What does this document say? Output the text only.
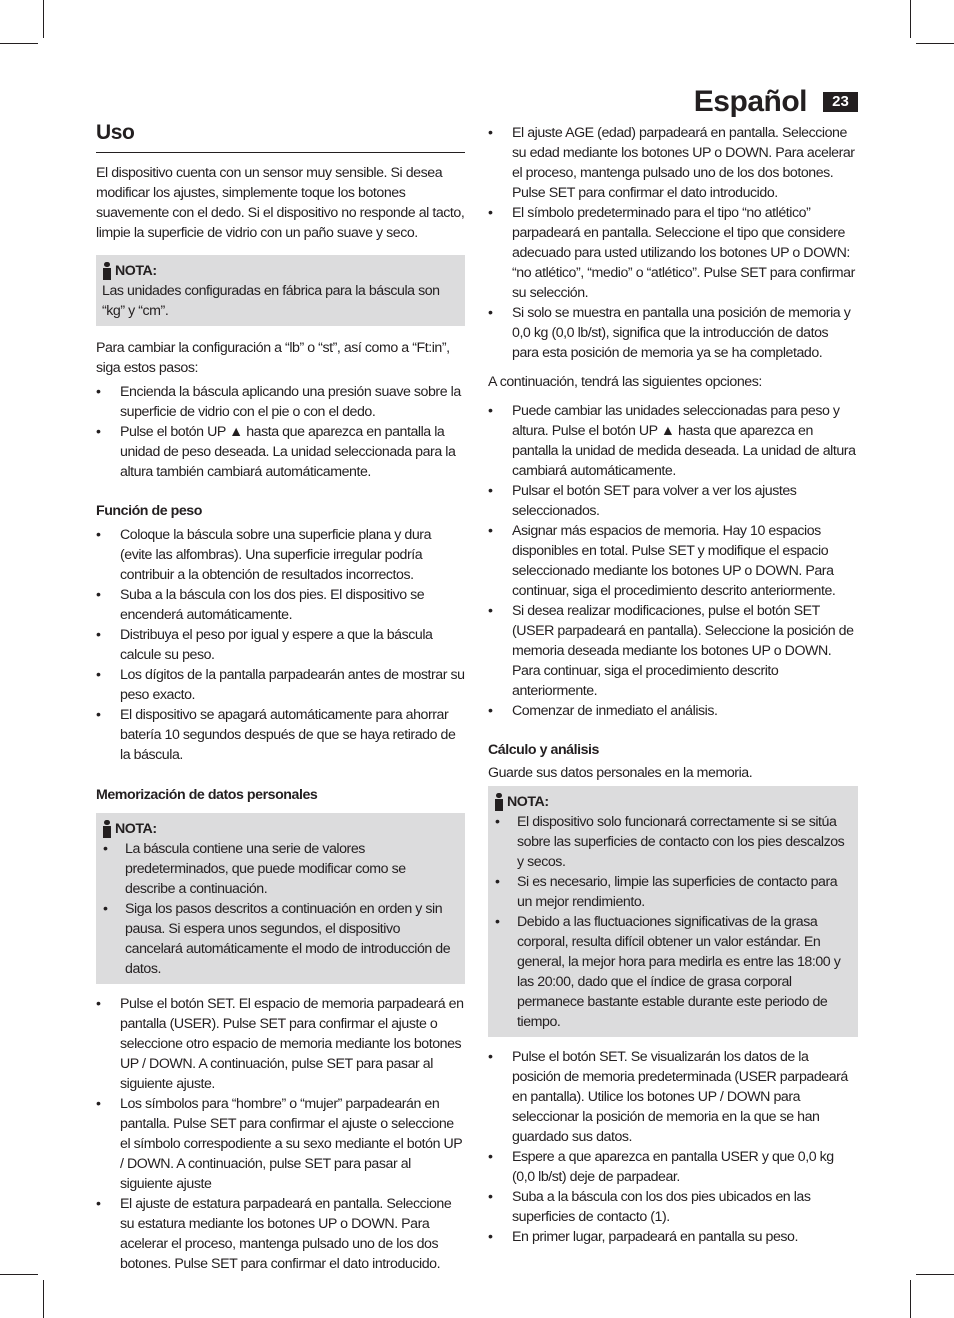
Español	23
Uso

El dispositivo cuenta con un sensor muy sensible. Si desea modificar los ajustes, simplemente toque los botones suavemente con el dedo. Si el dispositivo no responde al tacto, limpie la superficie de vidrio con un paño suave y seco.

NOTA:

Las unidades configuradas en fábrica para la báscula son “kg” y “cm”.

Para cambiar la configuración a “lb” o “st”, así como a “Ft:in”, siga estos pasos:

• Encienda la báscula aplicando una presión suave sobre la superficie de vidrio con el pie o con el dedo.
• Pulse el botón UP ▲ hasta que aparezca en pantalla la unidad de peso deseada. La unidad seleccionada para la altura también cambiará automáticamente.
Función de peso
• Coloque la báscula sobre una superficie plana y dura (evite las alfombras). Una superficie irregular podría contribuir a la obtención de resultados incorrectos.
• Suba a la báscula con los dos pies. El dispositivo se encenderá automáticamente.
• Distribuya el peso por igual y espere a que la báscula calcule su peso.
• Los dígitos de la pantalla parpadearán antes de mostrar su peso exacto.
• El dispositivo se apagará automáticamente para ahorrar batería 10 segundos después de que se haya retirado de la báscula.
Memorización de datos personales
NOTA:
• La báscula contiene una serie de valores predeterminados, que puede modificar como se describe a continuación.
• Siga los pasos descritos a continuación en orden y sin pausa. Si espera unos segundos, el dispositivo cancelará automáticamente el modo de introducción de datos.
• Pulse el botón SET. El espacio de memoria parpadeará en pantalla (USER). Pulse SET para confirmar el ajuste o seleccione otro espacio de memoria mediante los botones UP / DOWN. A continuación, pulse SET para pasar al siguiente ajuste.
• Los símbolos para “hombre” o “mujer” parpadearán en pantalla. Pulse SET para confirmar el ajuste o seleccione el símbolo correspodiente a su sexo mediante el botón UP / DOWN. A continuación, pulse SET para pasar al siguiente ajuste
• El ajuste de estatura parpadeará en pantalla. Seleccione su estatura mediante los botones UP o DOWN. Para acelerar el proceso, mantenga pulsado uno de los dos botones. Pulse SET para confirmar el dato introducido.
• El ajuste AGE (edad) parpadeará en pantalla. Seleccione su edad mediante los botones UP o DOWN. Para acelerar el proceso, mantenga pulsado uno de los dos botones. Pulse SET para confirmar el dato introducido.
• El símbolo predeterminado para el tipo “no atlético” parpadeará en pantalla. Seleccione el tipo que considere adecuado para usted utilizando los botones UP o DOWN: “no atlético”, “medio” o “atlético”. Pulse SET para confirmar su selección.
• Si solo se muestra en pantalla una posición de memoria y 0,0 kg (0,0 lb/st), significa que la introducción de datos para esta posición de memoria ya se ha completado.

A continuación, tendrá las siguientes opciones:

• Puede cambiar las unidades seleccionadas para peso y altura. Pulse el botón UP ▲ hasta que aparezca en pantalla la unidad de medida deseada. La unidad de altura cambiará automáticamente.
• Pulsar el botón SET para volver a ver los ajustes seleccionados.
• Asignar más espacios de memoria. Hay 10 espacios disponibles en total. Pulse SET y modifique el espacio seleccionado mediante los botones UP o DOWN. Para continuar, siga el procedimiento descrito anteriormente.
• Si desea realizar modificaciones, pulse el botón SET (USER parpadeará en pantalla). Seleccione la posición de memoria deseada mediante los botones UP o DOWN. Para continuar, siga el procedimiento descrito anteriormente.
• Comenzar de inmediato el análisis.
Cálculo y análisis

Guarde sus datos personales en la memoria.

NOTA:
• El dispositivo solo funcionará correctamente si se sitúa sobre las superficies de contacto con los pies descalzos y secos.
• Si es necesario, limpie las superficies de contacto para un mejor rendimiento.
• Debido a las fluctuaciones significativas de la grasa corporal, resulta difícil obtener un valor estándar. En general, la mejor hora para medirla es entre las 18:00 y las 20:00, dado que el índice de grasa corporal permanece bastante estable durante este periodo de tiempo.
• Pulse el botón SET. Se visualizarán los datos de la posición de memoria predeterminada (USER parpadeará en pantalla). Utilice los botones UP / DOWN para seleccionar la posición de memoria en la que se han guardado sus datos.
• Espere a que aparezca en pantalla USER y que 0,0 kg (0,0 lb/st) deje de parpadear.
• Suba a la báscula con los dos pies ubicados en las superficies de contacto (1).
• En primer lugar, parpadeará en pantalla su peso.
